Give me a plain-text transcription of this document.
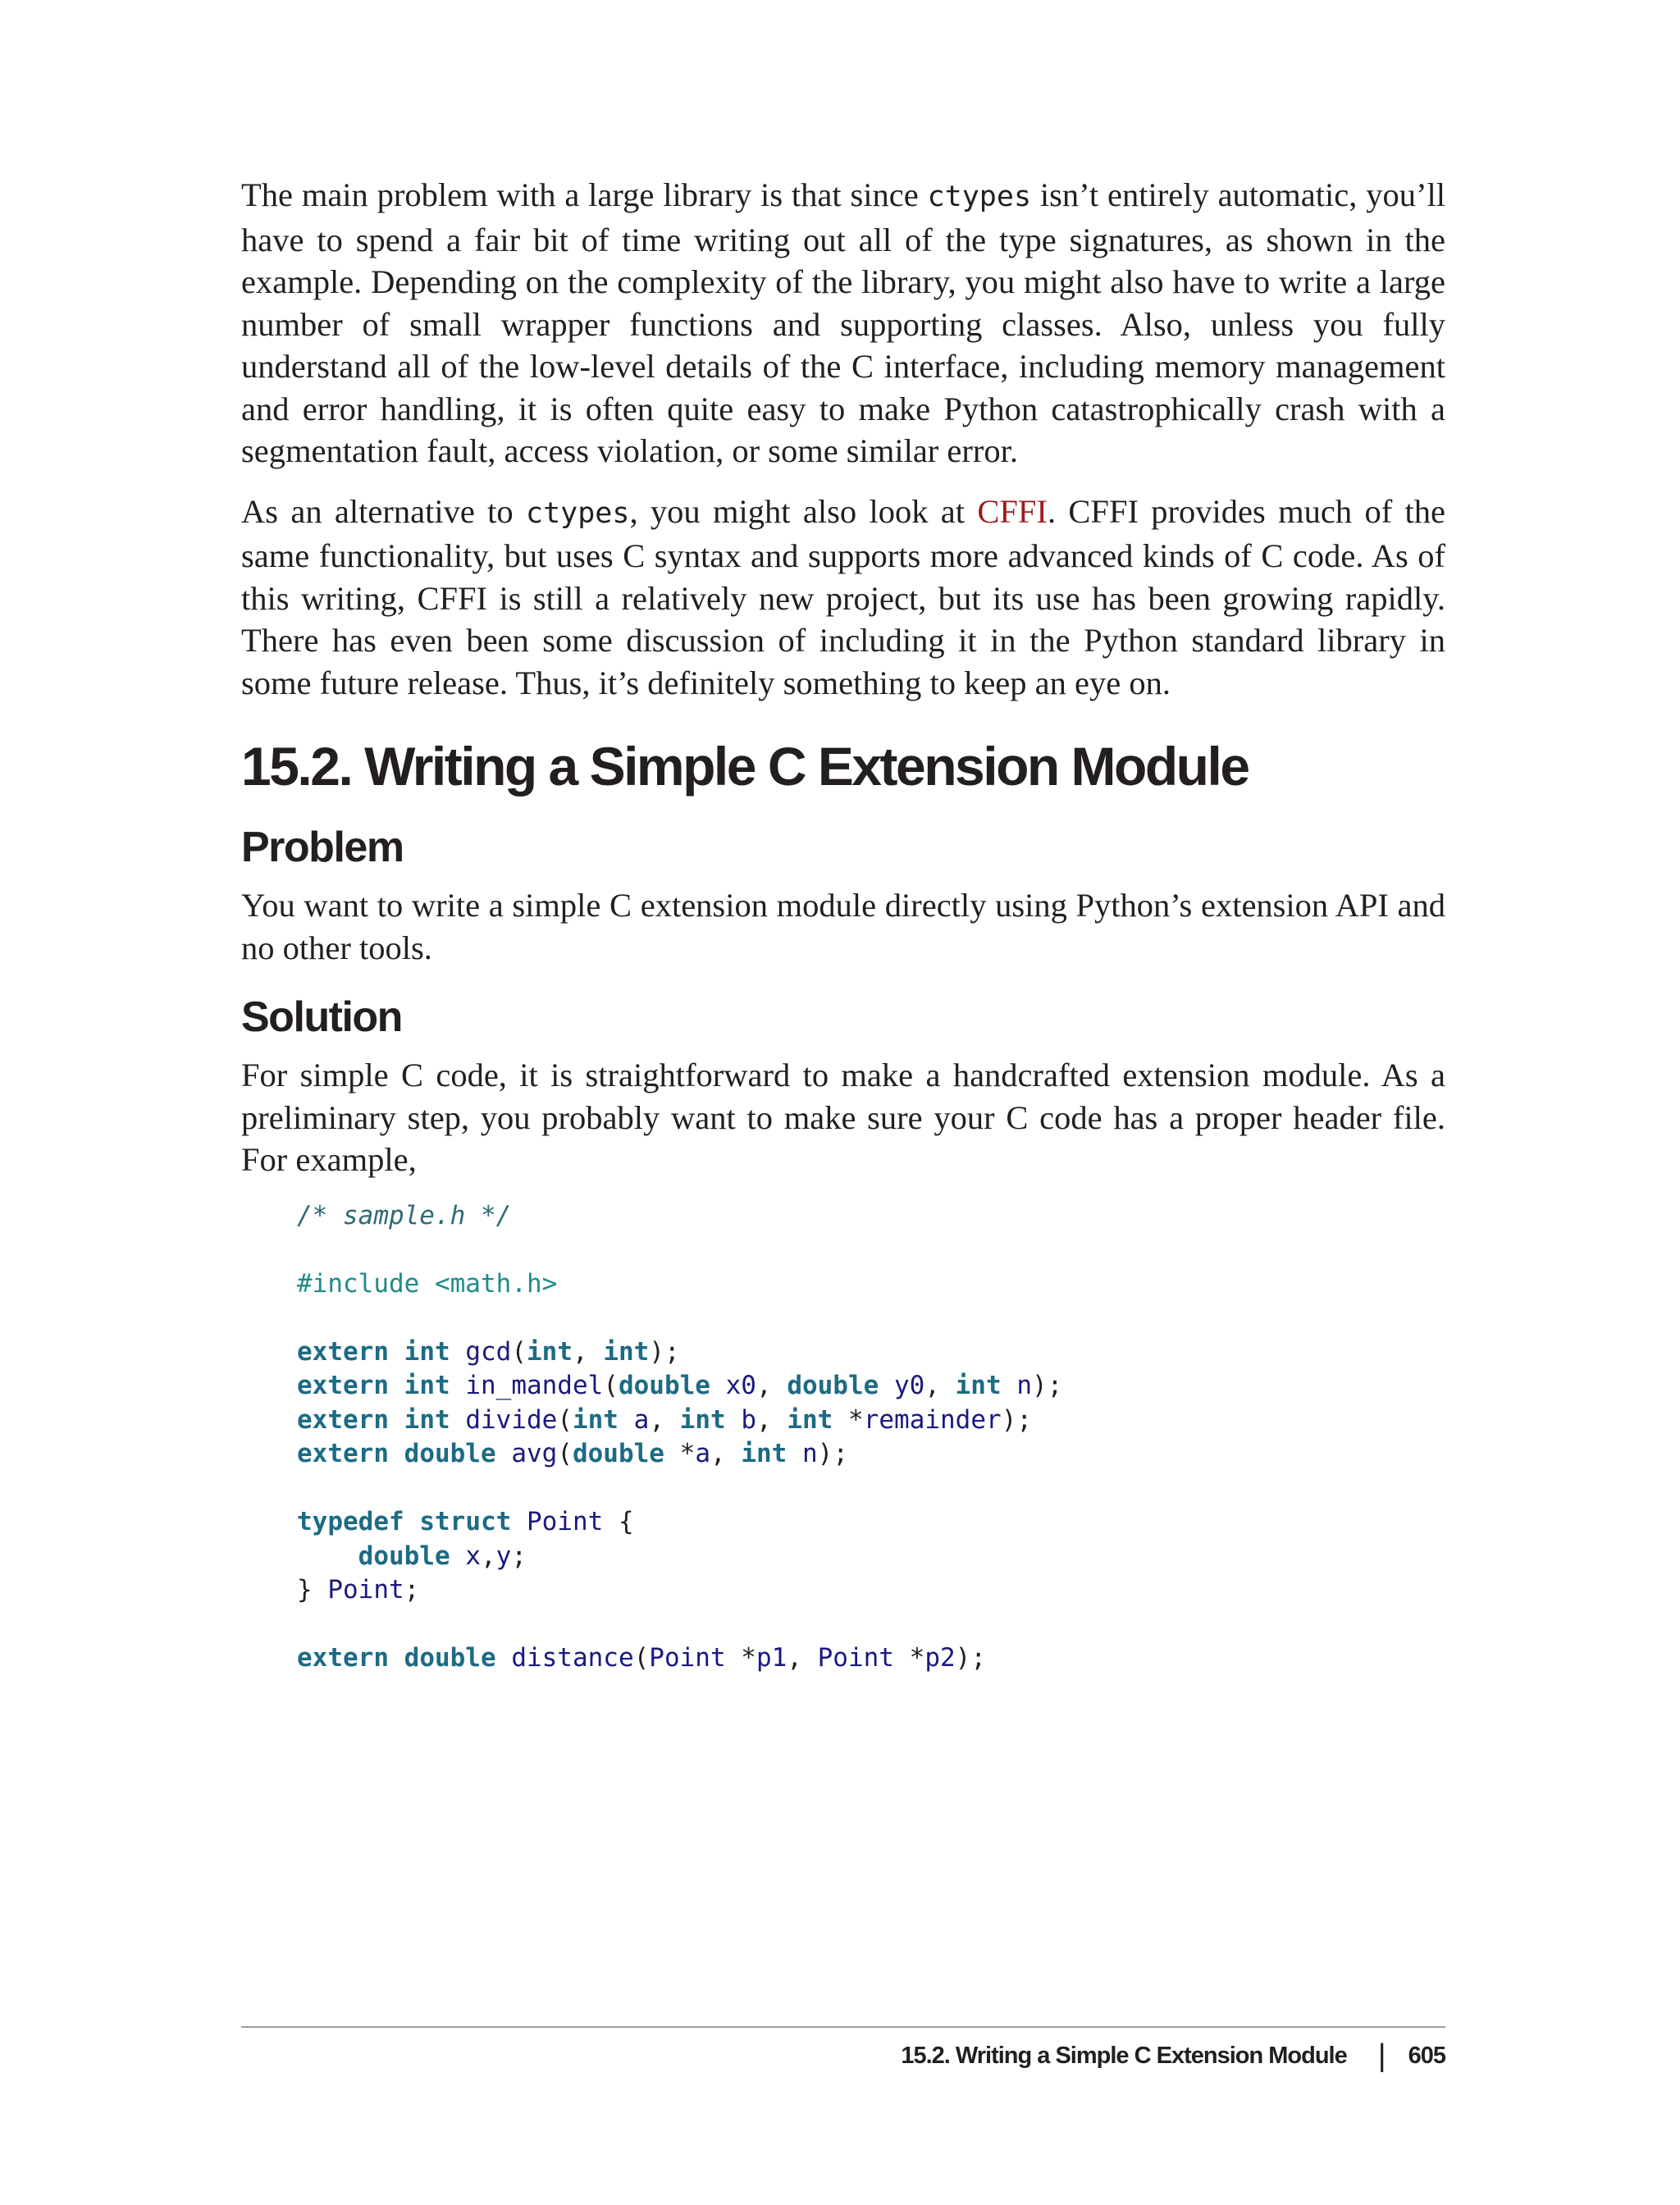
The main problem with a large library is that since ctypes isn’t entirely automatic, you’ll have to spend a fair bit of time writing out all of the type signatures, as shown in the example. Depending on the complexity of the library, you might also have to write a large number of small wrapper functions and supporting classes. Also, unless you fully understand all of the low-level details of the C interface, including memory management and error handling, it is often quite easy to make Python catastrophically crash with a segmentation fault, access violation, or some similar error.

As an alternative to ctypes, you might also look at CFFI. CFFI provides much of the same functionality, but uses C syntax and supports more advanced kinds of C code. As of this writing, CFFI is still a relatively new project, but its use has been growing rapidly. There has even been some discussion of including it in the Python standard library in some future release. Thus, it’s definitely something to keep an eye on.

15.2. Writing a Simple C Extension Module
Problem

You want to write a simple C extension module directly using Python’s extension API and no other tools.

Solution

For simple C code, it is straightforward to make a handcrafted extension module. As a preliminary step, you probably want to make sure your C code has a proper header file. For example,

/* sample.h */

#include <math.h>

extern int gcd(int, int);
extern int in_mandel(double x0, double y0, int n);
extern int divide(int a, int b, int *remainder);
extern double avg(double *a, int n);

typedef struct Point {
double x,y;
} Point;

extern double distance(Point *p1, Point *p2);
15.2. Writing a Simple C Extension Module | 605
